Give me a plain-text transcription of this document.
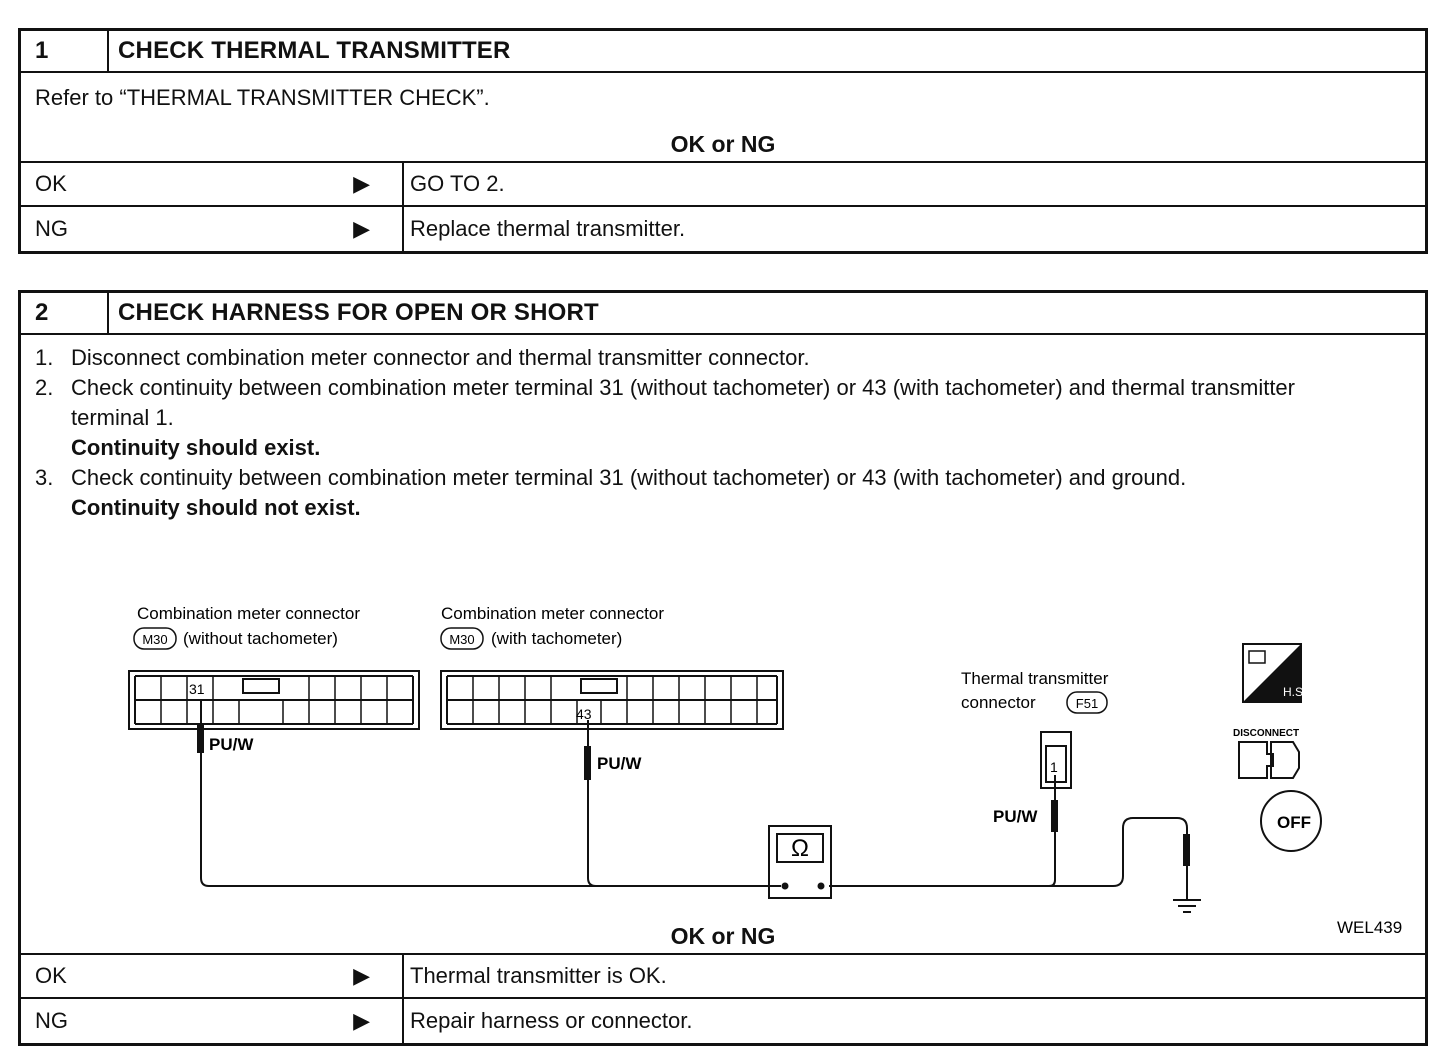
1	CHECK THERMAL TRANSMITTER
Refer to “THERMAL TRANSMITTER CHECK”.
OK or NG
OK	▶ GO TO 2.
NG	▶ Replace thermal transmitter.
2	CHECK HARNESS FOR OPEN OR SHORT
1. Disconnect combination meter connector and thermal transmitter connector.
2. Check continuity between combination meter terminal 31 (without tachometer) or 43 (with tachometer) and thermal transmitter terminal 1.
Continuity should exist.
3. Check continuity between combination meter terminal 31 (without tachometer) or 43 (with tachometer) and ground.
Continuity should not exist.
Combination meter connector
M30 (without tachometer)
31
PU/W
Combination meter connector
M30 (with tachometer)
43
PU/W
Thermal transmitter
connector	F51
1
PU/W
Ω
H.S.
DISCONNECT
OFF
WEL439
OK or NG
OK	▶ Thermal transmitter is OK.
NG	▶ Repair harness or connector.
